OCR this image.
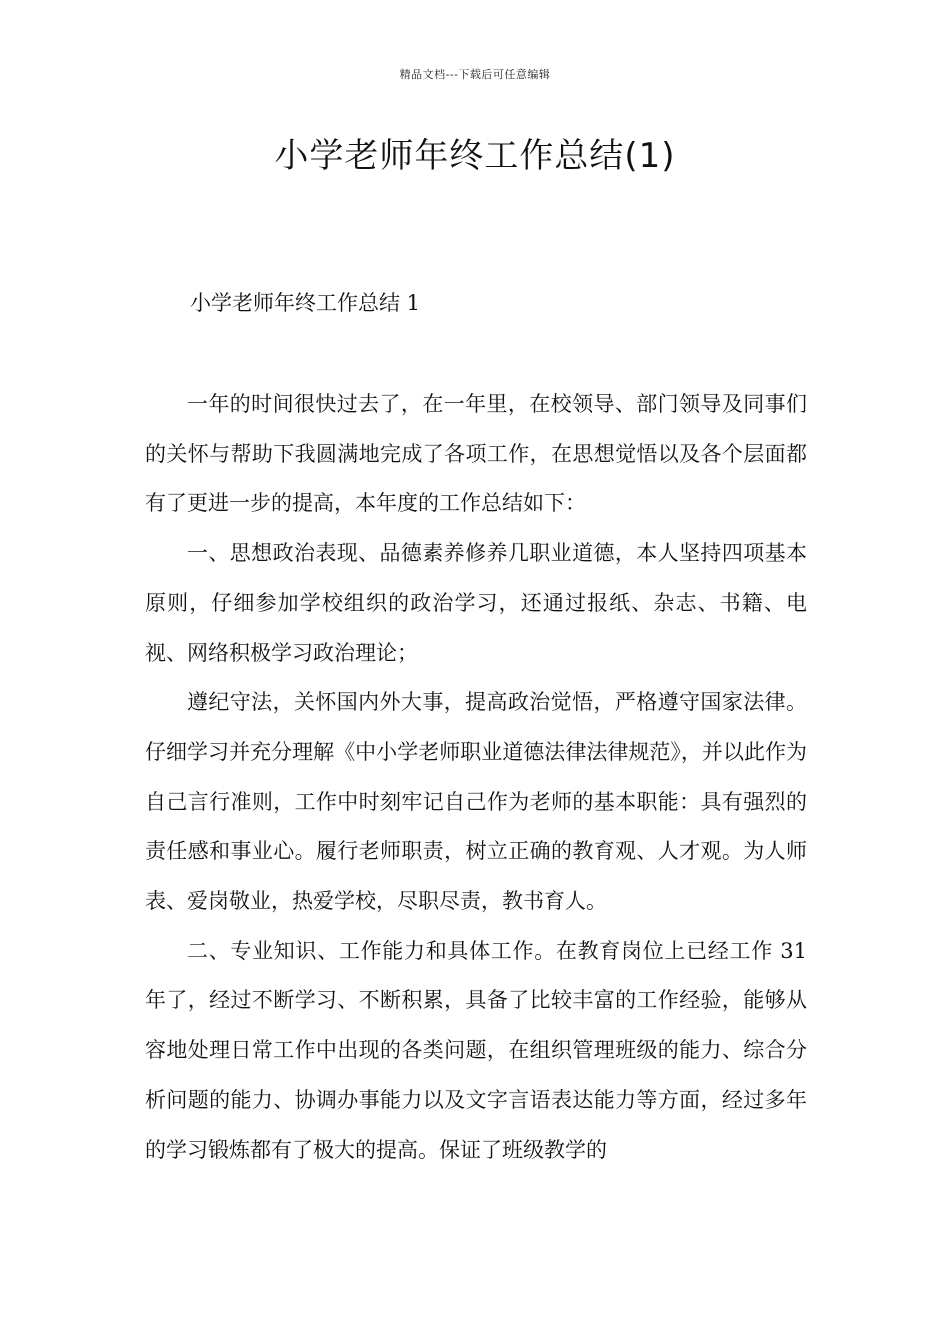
精品文档---下载后可任意编辑
小学老师年终工作总结(1)
小学老师年终工作总结 1

一年的时间很快过去了，在一年里，在校领导、部门领导及同事们的关怀与帮助下我圆满地完成了各项工作，在思想觉悟以及各个层面都有了更进一步的提高，本年度的工作总结如下：

一、思想政治表现、品德素养修养几职业道德，本人坚持四项基本原则，仔细参加学校组织的政治学习，还通过报纸、杂志、书籍、电视、网络积极学习政治理论；

遵纪守法，关怀国内外大事，提高政治觉悟，严格遵守国家法律。仔细学习并充分理解《中小学老师职业道德法律法律规范》，并以此作为自己言行准则，工作中时刻牢记自己作为老师的基本职能：具有强烈的责任感和事业心。履行老师职责，树立正确的教育观、人才观。为人师表、爱岗敬业，热爱学校，尽职尽责，教书育人。

二、专业知识、工作能力和具体工作。在教育岗位上已经工作 31 年了，经过不断学习、不断积累，具备了比较丰富的工作经验，能够从容地处理日常工作中出现的各类问题，在组织管理班级的能力、综合分析问题的能力、协调办事能力以及文字言语表达能力等方面，经过多年的学习锻炼都有了极大的提高。保证了班级教学的
